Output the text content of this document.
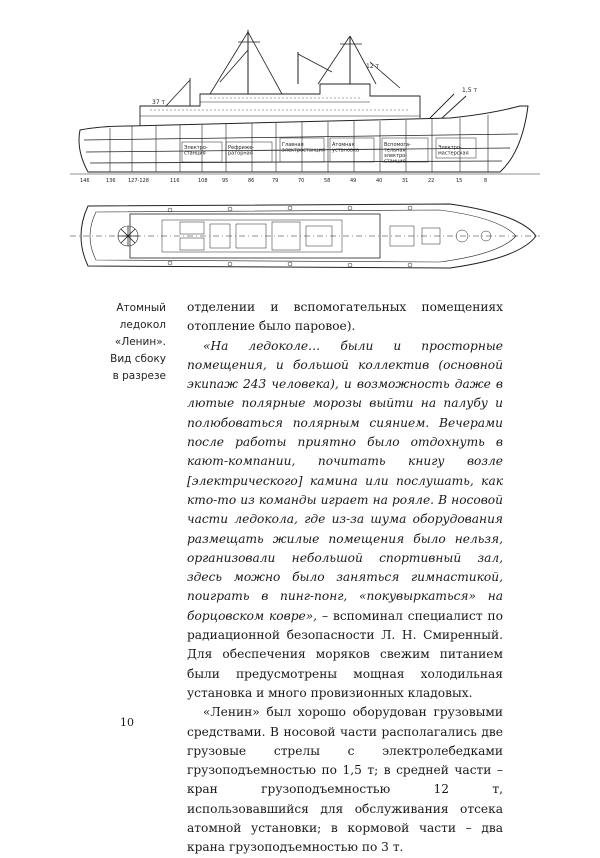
Электро-станция
Рефриже-раторная
Главная электростанция
Атомная установка
Вспомога-тельная электро-станция
Электро-мастерская
37 т
12 т
1,5 т
146	136 127-128	116	108	95	86	79	70	58	49	40	31	22	15	8
Атомный
ледокол
«Ленин».
Вид сбоку
в разрезе

отделении и вспомогательных помещениях отопление было паровое).

«На ледоколе… были и просторные помещения, и большой коллектив (основной экипаж 243 человека), и возможность даже в лютые полярные морозы выйти на палубу и полюбоваться полярным сиянием. Вечерами после работы приятно было отдохнуть в кают-компании, почитать книгу возле [электрического] камина или послушать, как кто-то из команды играет на рояле. В носовой части ледокола, где из-за шума оборудования размещать жилые помещения было нельзя, организовали небольшой спортивный зал, здесь можно было заняться гимнастикой, поиграть в пинг-понг, «покувыркаться» на борцовском ковре», – вспоминал специалист по радиационной безопасности Л. Н. Смиренный. Для обеспечения моряков свежим питанием были предусмотрены мощная холодильная установка и много провизионных кладовых.

«Ленин» был хорошо оборудован грузовыми средствами. В носовой части располагались две грузовые стрелы с электролебедками грузоподъемностью по 1,5 т; в средней части – кран грузоподъемностью 12 т, использовавшийся для обслуживания отсека атомной установки; в кормовой части – два крана грузоподъемностью по 3 т.

10
